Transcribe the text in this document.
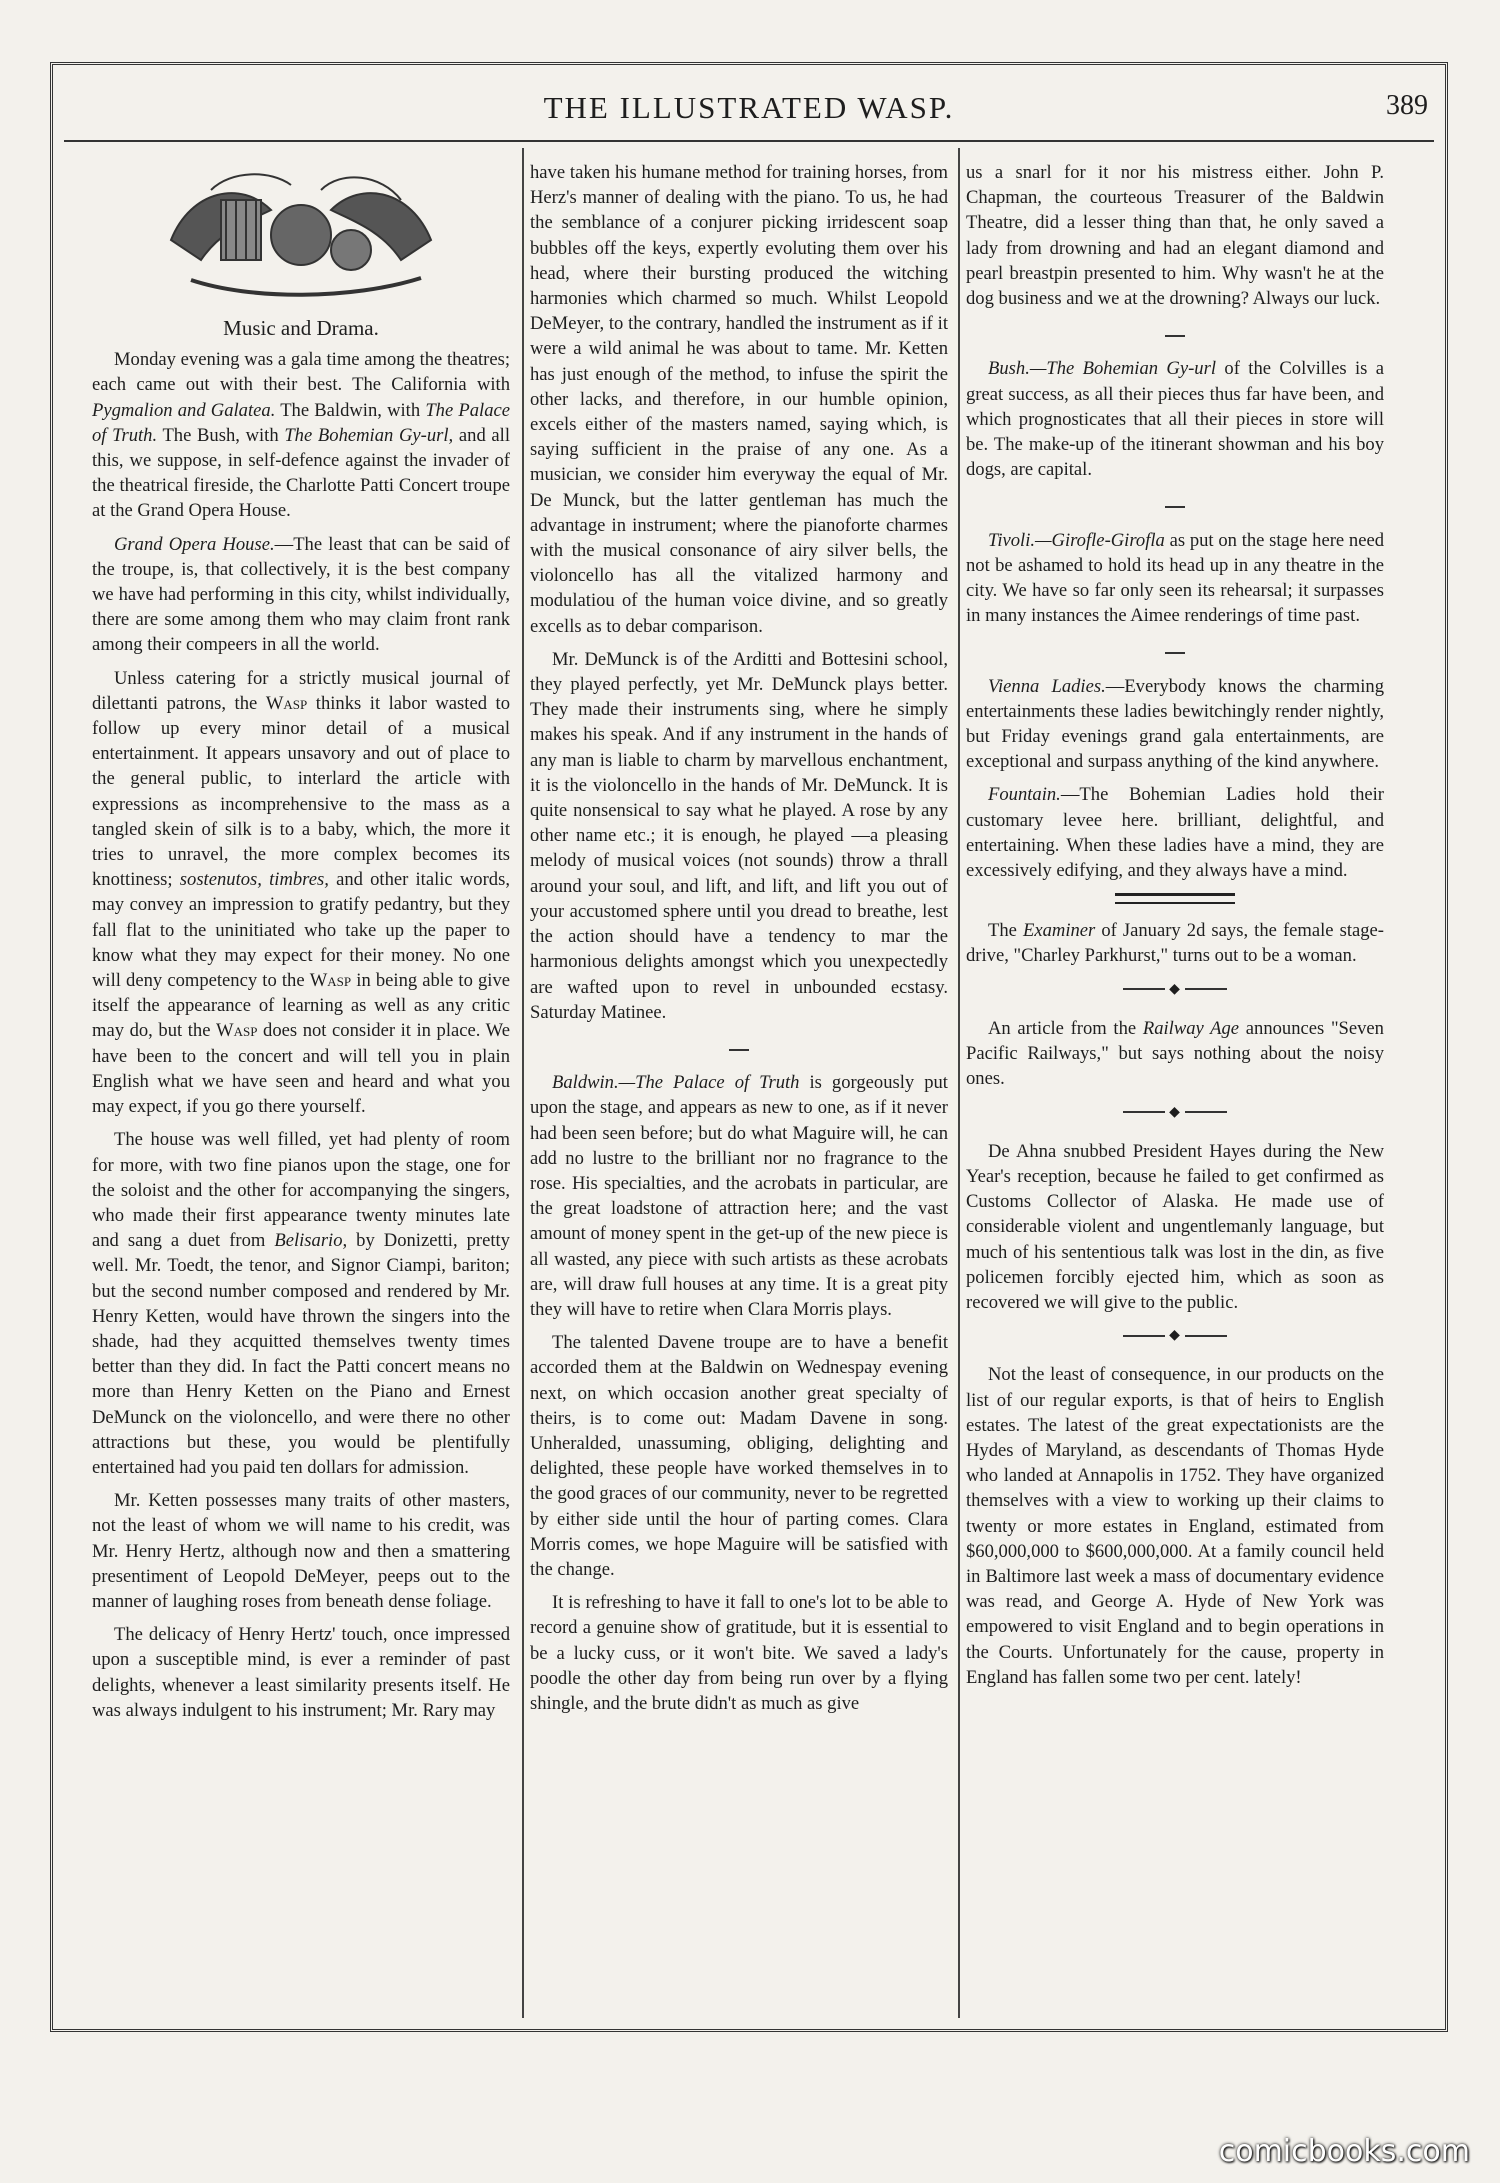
THE ILLUSTRATED WASP.	389
Music and Drama.

Monday evening was a gala time among the theatres; each came out with their best. The California with Pygmalion and Galatea. The Baldwin, with The Palace of Truth. The Bush, with The Bohemian Gy-url, and all this, we suppose, in self-defence against the invader of the theatrical fireside, the Charlotte Patti Concert troupe at the Grand Opera House.

Grand Opera House.—The least that can be said of the troupe, is, that collectively, it is the best company we have had performing in this city, whilst individually, there are some among them who may claim front rank among their compeers in all the world.

Unless catering for a strictly musical journal of dilettanti patrons, the Wasp thinks it labor wasted to follow up every minor detail of a musical entertainment. It appears unsavory and out of place to the general public, to interlard the article with expressions as incomprehensive to the mass as a tangled skein of silk is to a baby, which, the more it tries to unravel, the more complex becomes its knottiness; sostenutos, timbres, and other italic words, may convey an impression to gratify pedantry, but they fall flat to the uninitiated who take up the paper to know what they may expect for their money. No one will deny competency to the Wasp in being able to give itself the appearance of learning as well as any critic may do, but the Wasp does not consider it in place. We have been to the concert and will tell you in plain English what we have seen and heard and what you may expect, if you go there yourself.

The house was well filled, yet had plenty of room for more, with two fine pianos upon the stage, one for the soloist and the other for accompanying the singers, who made their first appearance twenty minutes late and sang a duet from Belisario, by Donizetti, pretty well. Mr. Toedt, the tenor, and Signor Ciampi, bariton; but the second number composed and rendered by Mr. Henry Ketten, would have thrown the singers into the shade, had they acquitted themselves twenty times better than they did. In fact the Patti concert means no more than Henry Ketten on the Piano and Ernest DeMunck on the violoncello, and were there no other attractions but these, you would be plentifully entertained had you paid ten dollars for admission.

Mr. Ketten possesses many traits of other masters, not the least of whom we will name to his credit, was Mr. Henry Hertz, although now and then a smattering presentiment of Leopold DeMeyer, peeps out to the manner of laughing roses from beneath dense foliage.

The delicacy of Henry Hertz' touch, once impressed upon a susceptible mind, is ever a reminder of past delights, whenever a least similarity presents itself. He was always indulgent to his instrument; Mr. Rary may

have taken his humane method for training horses, from Herz's manner of dealing with the piano. To us, he had the semblance of a conjurer picking irridescent soap bubbles off the keys, expertly evoluting them over his head, where their bursting produced the witching harmonies which charmed so much. Whilst Leopold DeMeyer, to the contrary, handled the instrument as if it were a wild animal he was about to tame. Mr. Ketten has just enough of the method, to infuse the spirit the other lacks, and therefore, in our humble opinion, excels either of the masters named, saying which, is saying sufficient in the praise of any one. As a musician, we consider him everyway the equal of Mr. De Munck, but the latter gentleman has much the advantage in instrument; where the pianoforte charmes with the musical consonance of airy silver bells, the violoncello has all the vitalized harmony and modulatiou of the human voice divine, and so greatly excells as to debar comparison.

Mr. DeMunck is of the Arditti and Bottesini school, they played perfectly, yet Mr. DeMunck plays better. They made their instruments sing, where he simply makes his speak. And if any instrument in the hands of any man is liable to charm by marvellous enchantment, it is the violoncello in the hands of Mr. DeMunck. It is quite nonsensical to say what he played. A rose by any other name etc.; it is enough, he played —a pleasing melody of musical voices (not sounds) throw a thrall around your soul, and lift, and lift, and lift you out of your accustomed sphere until you dread to breathe, lest the action should have a tendency to mar the harmonious delights amongst which you unexpectedly are wafted upon to revel in unbounded ecstasy. Saturday Matinee.

Baldwin.—The Palace of Truth is gorgeously put upon the stage, and appears as new to one, as if it never had been seen before; but do what Maguire will, he can add no lustre to the brilliant nor no fragrance to the rose. His specialties, and the acrobats in particular, are the great loadstone of attraction here; and the vast amount of money spent in the get-up of the new piece is all wasted, any piece with such artists as these acrobats are, will draw full houses at any time. It is a great pity they will have to retire when Clara Morris plays.

The talented Davene troupe are to have a benefit accorded them at the Baldwin on Wednespay evening next, on which occasion another great specialty of theirs, is to come out: Madam Davene in song. Unheralded, unassuming, obliging, delighting and delighted, these people have worked themselves in to the good graces of our community, never to be regretted by either side until the hour of parting comes. Clara Morris comes, we hope Maguire will be satisfied with the change.

It is refreshing to have it fall to one's lot to be able to record a genuine show of gratitude, but it is essential to be a lucky cuss, or it won't bite. We saved a lady's poodle the other day from being run over by a flying shingle, and the brute didn't as much as give

us a snarl for it nor his mistress either. John P. Chapman, the courteous Treasurer of the Baldwin Theatre, did a lesser thing than that, he only saved a lady from drowning and had an elegant diamond and pearl breastpin presented to him. Why wasn't he at the dog business and we at the drowning? Always our luck.

Bush.—The Bohemian Gy-url of the Colvilles is a great success, as all their pieces thus far have been, and which prognosticates that all their pieces in store will be. The make-up of the itinerant showman and his boy dogs, are capital.

Tivoli.—Girofle-Girofla as put on the stage here need not be ashamed to hold its head up in any theatre in the city. We have so far only seen its rehearsal; it surpasses in many instances the Aimee renderings of time past.

Vienna Ladies.—Everybody knows the charming entertainments these ladies bewitchingly render nightly, but Friday evenings grand gala entertainments, are exceptional and surpass anything of the kind anywhere.

Fountain.—The Bohemian Ladies hold their customary levee here. brilliant, delightful, and entertaining. When these ladies have a mind, they are excessively edifying, and they always have a mind.

The Examiner of January 2d says, the female stage-drive, "Charley Parkhurst," turns out to be a woman.

◆

An article from the Railway Age announces "Seven Pacific Railways," but says nothing about the noisy ones.

◆

De Ahna snubbed President Hayes during the New Year's reception, because he failed to get confirmed as Customs Collector of Alaska. He made use of considerable violent and ungentlemanly language, but much of his sententious talk was lost in the din, as five policemen forcibly ejected him, which as soon as recovered we will give to the public.

◆

Not the least of consequence, in our products on the list of our regular exports, is that of heirs to English estates. The latest of the great expectationists are the Hydes of Maryland, as descendants of Thomas Hyde who landed at Annapolis in 1752. They have organized themselves with a view to working up their claims to twenty or more estates in England, estimated from $60,000,000 to $600,000,000. At a family council held in Baltimore last week a mass of documentary evidence was read, and George A. Hyde of New York was empowered to visit England and to begin operations in the Courts. Unfortunately for the cause, property in England has fallen some two per cent. lately!

comicbooks.com
